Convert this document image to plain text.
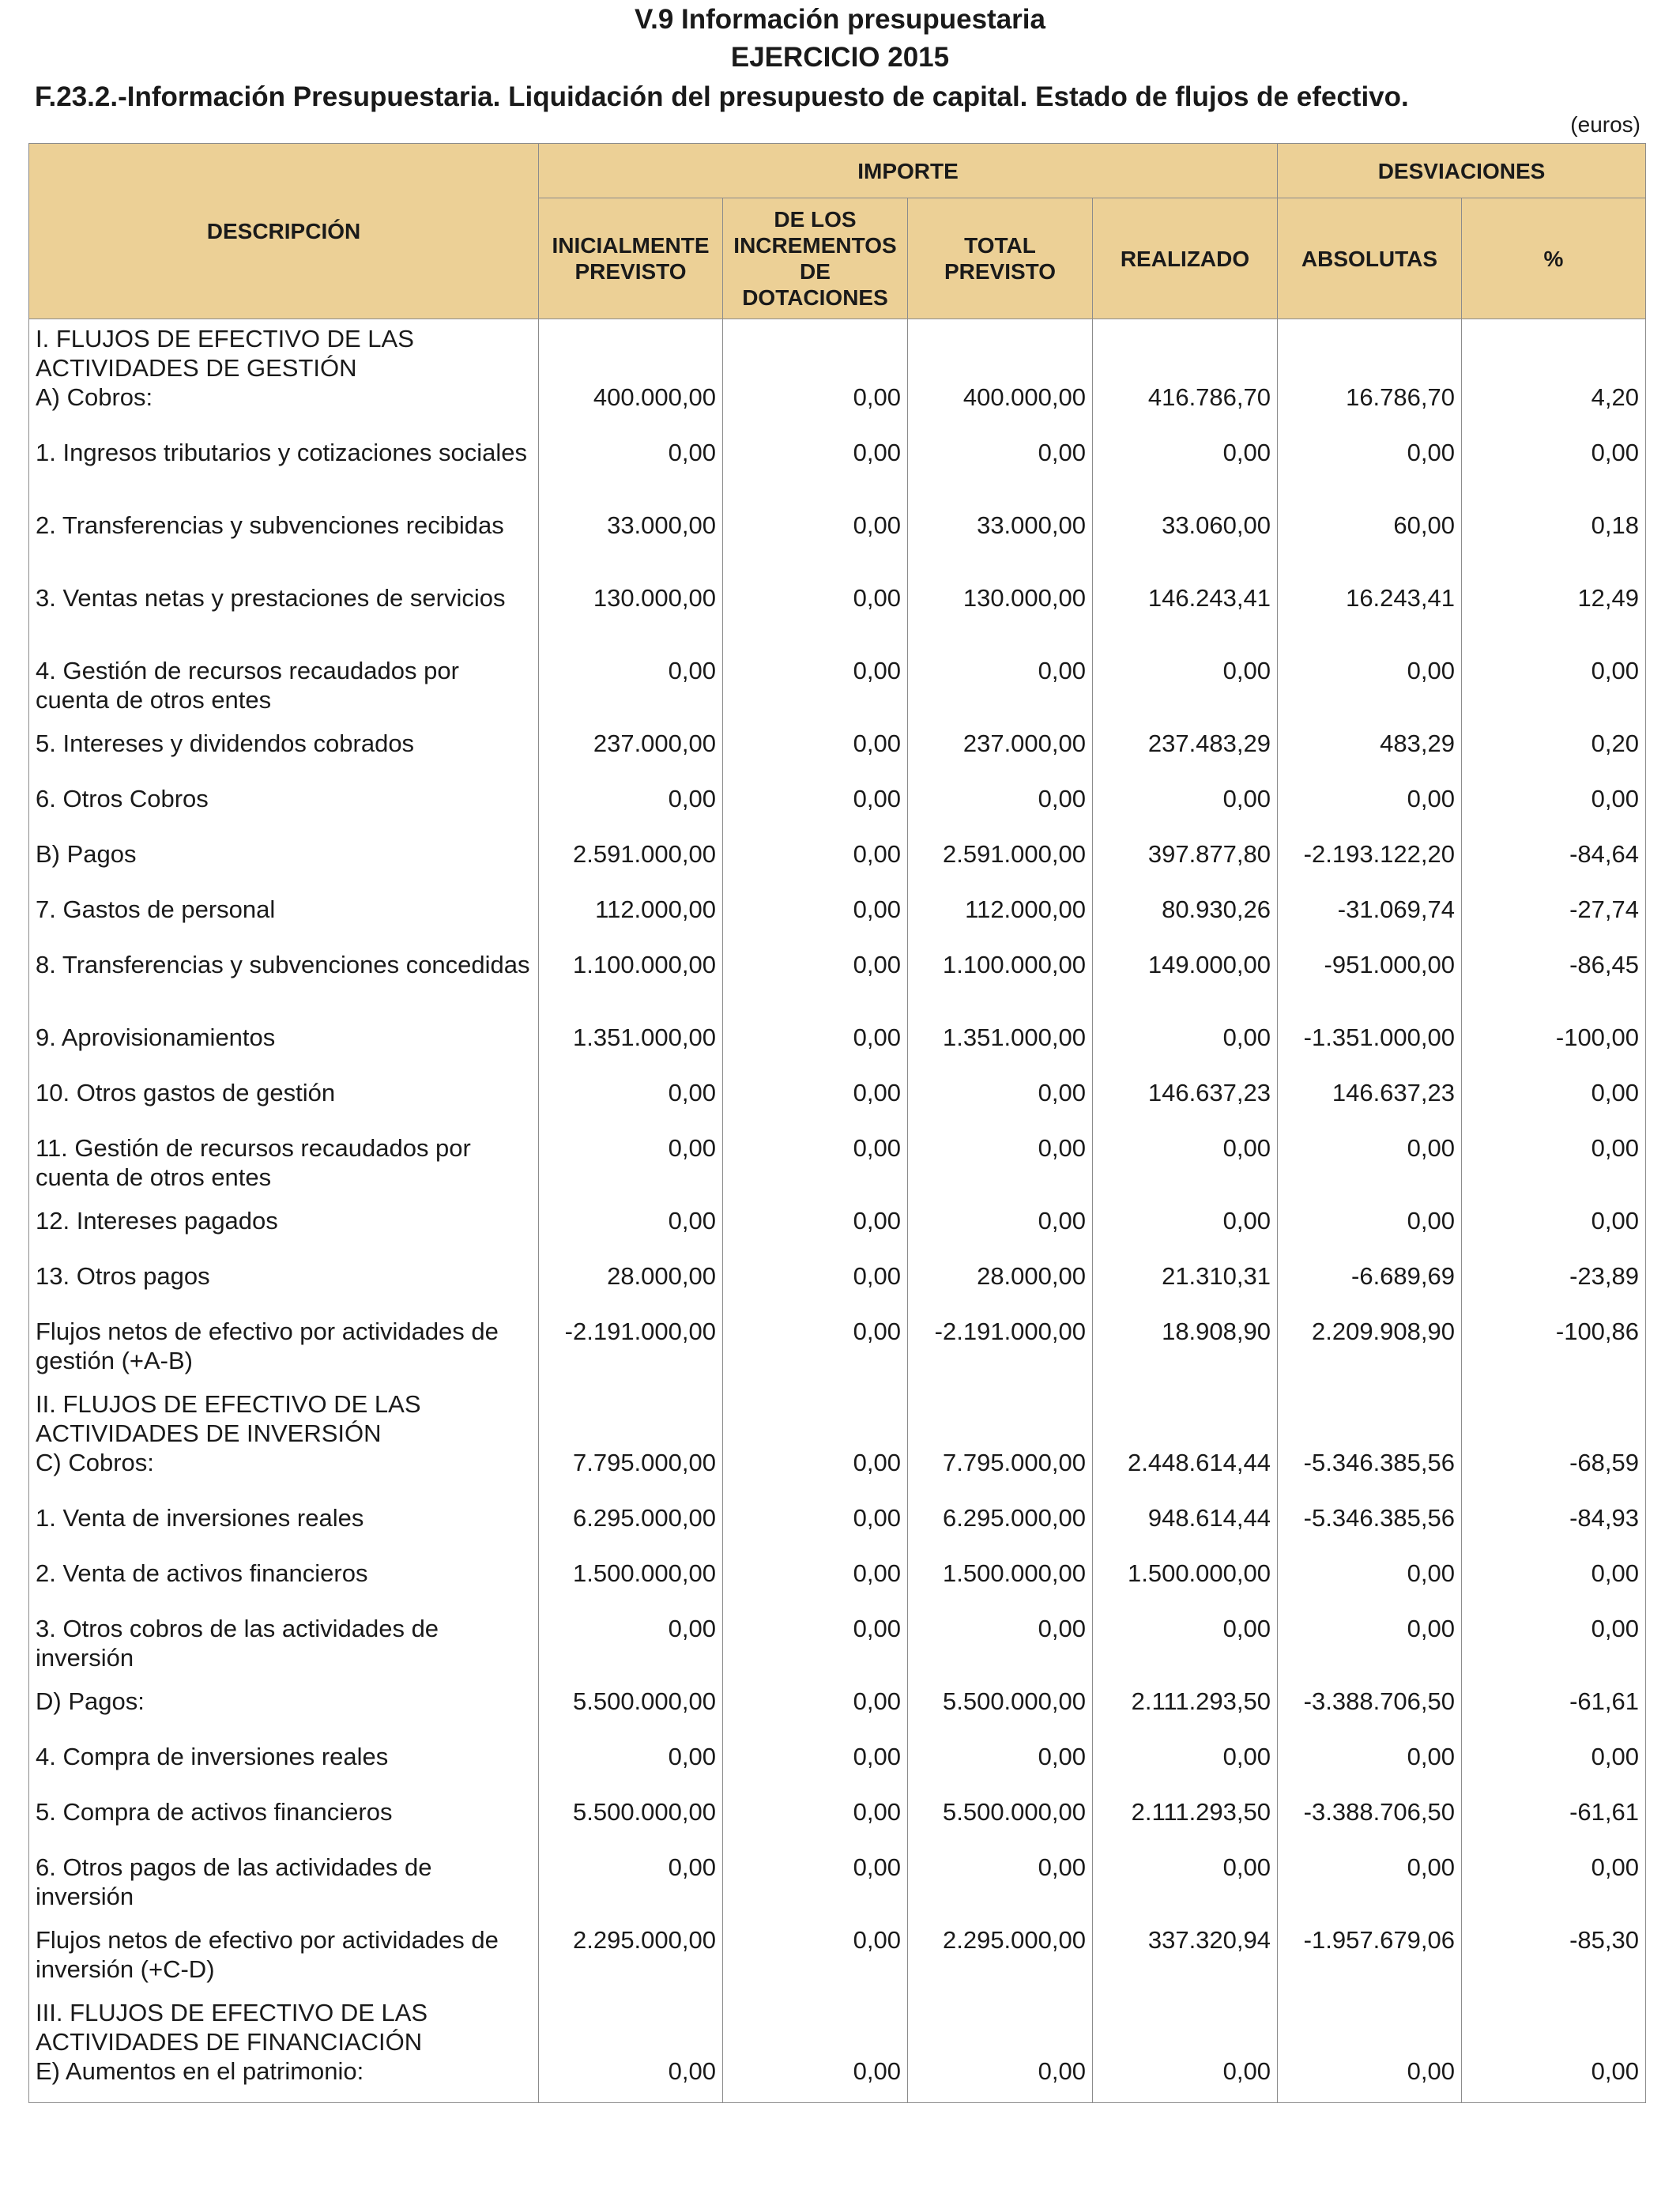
V.9 Información presupuestaria
EJERCICIO 2015
F.23.2.-Información Presupuestaria. Liquidación del presupuesto de capital. Estado de flujos de efectivo.
(euros)
DESCRIPCIÓN	IMPORTE				DESVIACIONES	
	INICIALMENTE PREVISTO	DE LOS INCREMENTOS DE DOTACIONES	TOTAL PREVISTO	REALIZADO	ABSOLUTAS	%
I. FLUJOS DE EFECTIVO DE LAS ACTIVIDADES DE GESTIÓN						
A) Cobros:	400.000,00	0,00	400.000,00	416.786,70	16.786,70	4,20
1. Ingresos tributarios y cotizaciones sociales	0,00	0,00	0,00	0,00	0,00	0,00
2. Transferencias y subvenciones recibidas	33.000,00	0,00	33.000,00	33.060,00	60,00	0,18
3. Ventas netas y prestaciones de servicios	130.000,00	0,00	130.000,00	146.243,41	16.243,41	12,49
4. Gestión de recursos recaudados por cuenta de otros entes	0,00	0,00	0,00	0,00	0,00	0,00
5. Intereses y dividendos cobrados	237.000,00	0,00	237.000,00	237.483,29	483,29	0,20
6. Otros Cobros	0,00	0,00	0,00	0,00	0,00	0,00
B) Pagos	2.591.000,00	0,00	2.591.000,00	397.877,80	-2.193.122,20	-84,64
7. Gastos de personal	112.000,00	0,00	112.000,00	80.930,26	-31.069,74	-27,74
8. Transferencias y subvenciones concedidas	1.100.000,00	0,00	1.100.000,00	149.000,00	-951.000,00	-86,45
9. Aprovisionamientos	1.351.000,00	0,00	1.351.000,00	0,00	-1.351.000,00	-100,00
10. Otros gastos de gestión	0,00	0,00	0,00	146.637,23	146.637,23	0,00
11. Gestión de recursos recaudados por cuenta de otros entes	0,00	0,00	0,00	0,00	0,00	0,00
12. Intereses pagados	0,00	0,00	0,00	0,00	0,00	0,00
13. Otros pagos	28.000,00	0,00	28.000,00	21.310,31	-6.689,69	-23,89
Flujos netos de efectivo por actividades de gestión (+A-B)	-2.191.000,00	0,00	-2.191.000,00	18.908,90	2.209.908,90	-100,86
II. FLUJOS DE EFECTIVO DE LAS ACTIVIDADES DE INVERSIÓN						
C) Cobros:	7.795.000,00	0,00	7.795.000,00	2.448.614,44	-5.346.385,56	-68,59
1. Venta de inversiones reales	6.295.000,00	0,00	6.295.000,00	948.614,44	-5.346.385,56	-84,93
2. Venta de activos financieros	1.500.000,00	0,00	1.500.000,00	1.500.000,00	0,00	0,00
3. Otros cobros de las actividades de inversión	0,00	0,00	0,00	0,00	0,00	0,00
D) Pagos:	5.500.000,00	0,00	5.500.000,00	2.111.293,50	-3.388.706,50	-61,61
4. Compra de inversiones reales	0,00	0,00	0,00	0,00	0,00	0,00
5. Compra de activos financieros	5.500.000,00	0,00	5.500.000,00	2.111.293,50	-3.388.706,50	-61,61
6. Otros pagos de las actividades de inversión	0,00	0,00	0,00	0,00	0,00	0,00
Flujos netos de efectivo por actividades de inversión (+C-D)	2.295.000,00	0,00	2.295.000,00	337.320,94	-1.957.679,06	-85,30
III. FLUJOS DE EFECTIVO DE LAS ACTIVIDADES DE FINANCIACIÓN						
E) Aumentos en el patrimonio:	0,00	0,00	0,00	0,00	0,00	0,00
